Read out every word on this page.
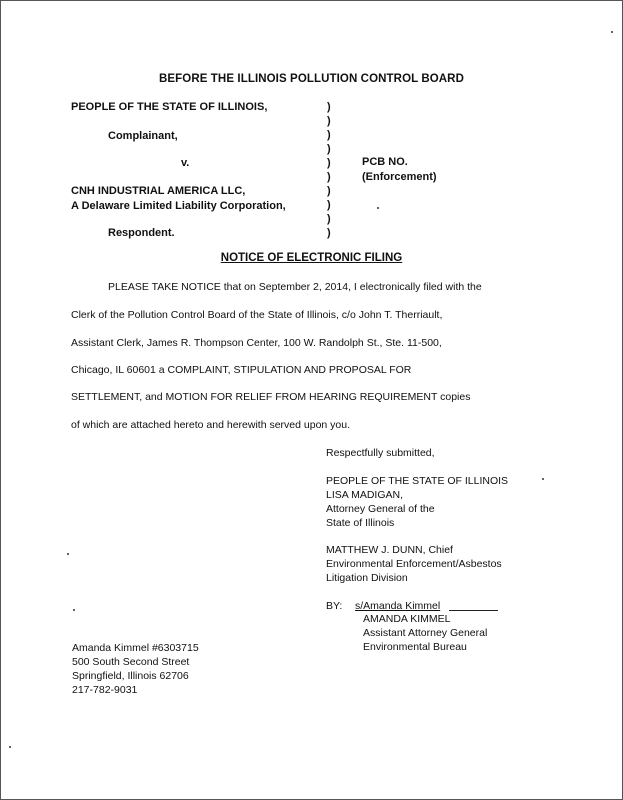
BEFORE THE ILLINOIS POLLUTION CONTROL BOARD
PEOPLE OF THE STATE OF ILLINOIS,
Complainant,
v.
CNH INDUSTRIAL AMERICA LLC,
A Delaware Limited Liability Corporation,
Respondent.
)
)
)
)
)
)
)
)
)
)
PCB NO.
(Enforcement)
NOTICE OF ELECTRONIC FILING
PLEASE TAKE NOTICE that on September 2, 2014, I electronically filed with the
Clerk of the Pollution Control Board of the State of Illinois, c/o John T. Therriault,
Assistant Clerk, James R. Thompson Center, 100 W. Randolph St., Ste. 11-500,
Chicago, IL 60601 a COMPLAINT, STIPULATION AND PROPOSAL FOR
SETTLEMENT, and MOTION FOR RELIEF FROM HEARING REQUIREMENT copies
of which are attached hereto and herewith served upon you.
Respectfully submitted,
PEOPLE OF THE STATE OF ILLINOIS
LISA MADIGAN,
Attorney General of the
State of Illinois
MATTHEW J. DUNN, Chief
Environmental Enforcement/Asbestos
Litigation Division
BY: s/Amanda Kimmel
AMANDA KIMMEL
Assistant Attorney General
Environmental Bureau
Amanda Kimmel #6303715
500 South Second Street
Springfield, Illinois 62706
217-782-9031
